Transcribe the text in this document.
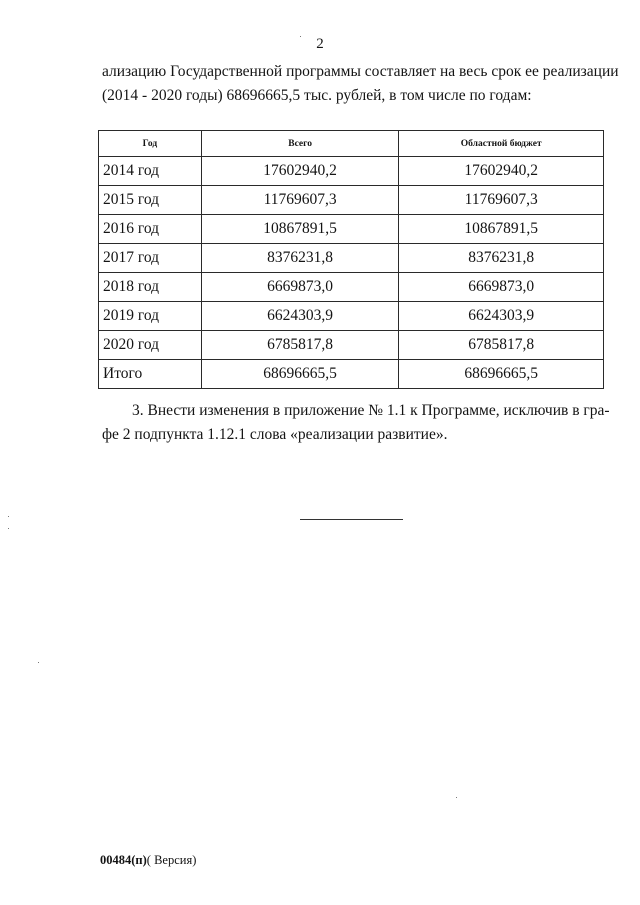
2
ализацию Государственной программы составляет на весь срок ее реализации
(2014 - 2020 годы) 68696665,5 тыс. рублей, в том числе по годам:
Год	Всего	Областной бюджет
2014 год	17602940,2	17602940,2
2015 год	11769607,3	11769607,3
2016 год	10867891,5	10867891,5
2017 год	8376231,8	8376231,8
2018 год	6669873,0	6669873,0
2019 год	6624303,9	6624303,9
2020 год	6785817,8	6785817,8
Итого	68696665,5	68696665,5
3. Внести изменения в приложение № 1.1 к Программе, исключив в гра-
фе 2 подпункта 1.12.1 слова «реализации развитие».
00484(п)( Версия)
